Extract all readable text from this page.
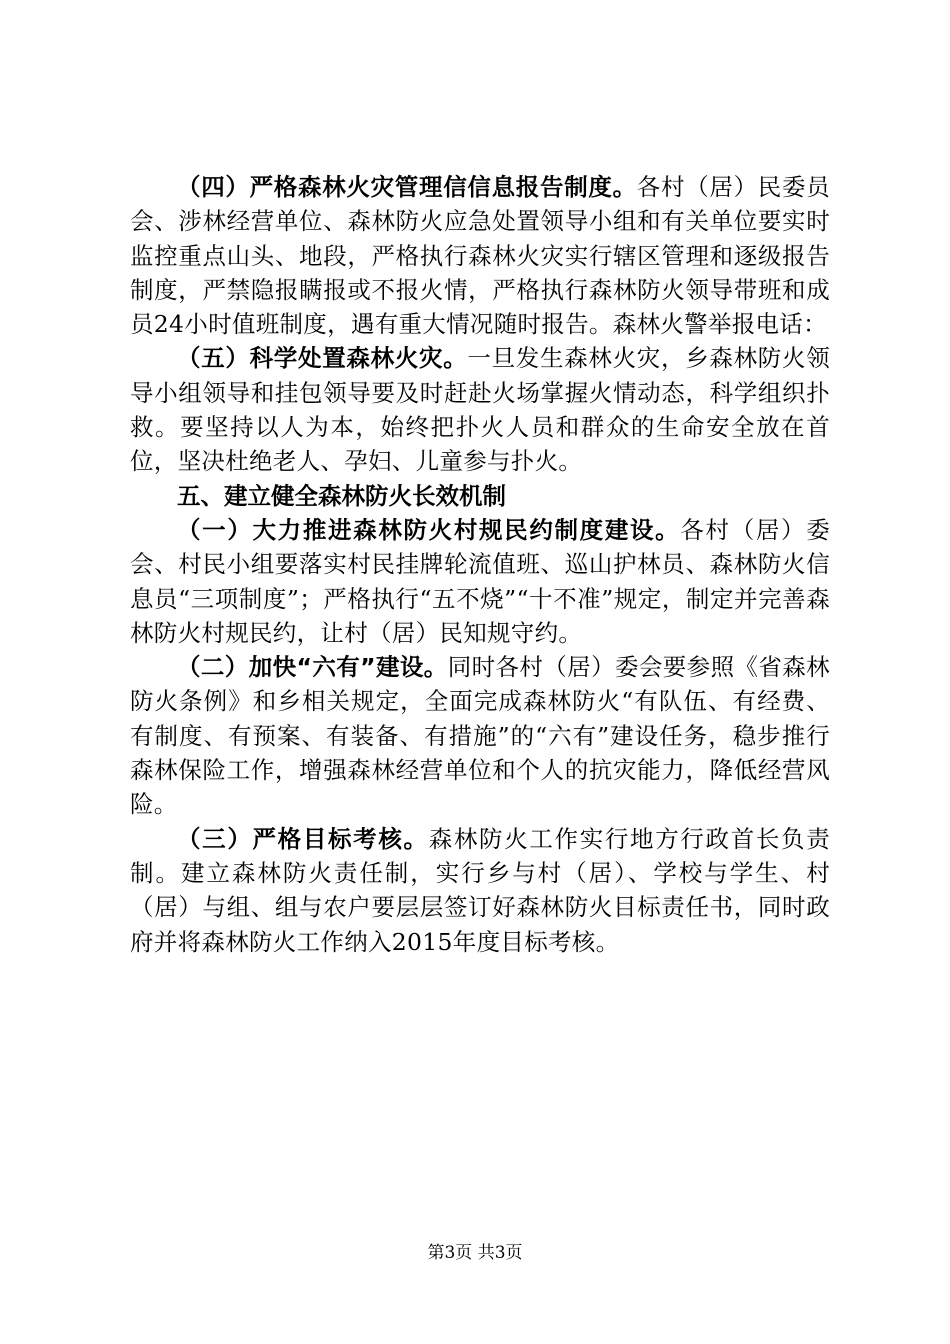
（四）严格森林火灾管理信信息报告制度。各村（居）民委员会、涉林经营单位、森林防火应急处置领导小组和有关单位要实时监控重点山头、地段，严格执行森林火灾实行辖区管理和逐级报告制度，严禁隐报瞒报或不报火情，严格执行森林防火领导带班和成员24小时值班制度，遇有重大情况随时报告。森林火警举报电话：

（五）科学处置森林火灾。一旦发生森林火灾，乡森林防火领导小组领导和挂包领导要及时赶赴火场掌握火情动态，科学组织扑救。要坚持以人为本，始终把扑火人员和群众的生命安全放在首位，坚决杜绝老人、孕妇、儿童参与扑火。

五、建立健全森林防火长效机制

（一）大力推进森林防火村规民约制度建设。各村（居）委会、村民小组要落实村民挂牌轮流值班、巡山护林员、森林防火信息员“三项制度”；严格执行“五不烧”“十不准”规定，制定并完善森林防火村规民约，让村（居）民知规守约。

（二）加快“六有”建设。同时各村（居）委会要参照《省森林防火条例》和乡相关规定，全面完成森林防火“有队伍、有经费、有制度、有预案、有装备、有措施”的“六有”建设任务，稳步推行森林保险工作，增强森林经营单位和个人的抗灾能力，降低经营风险。

（三）严格目标考核。森林防火工作实行地方行政首长负责制。建立森林防火责任制，实行乡与村（居）、学校与学生、村（居）与组、组与农户要层层签订好森林防火目标责任书，同时政府并将森林防火工作纳入2015年度目标考核。

第3页 共3页
